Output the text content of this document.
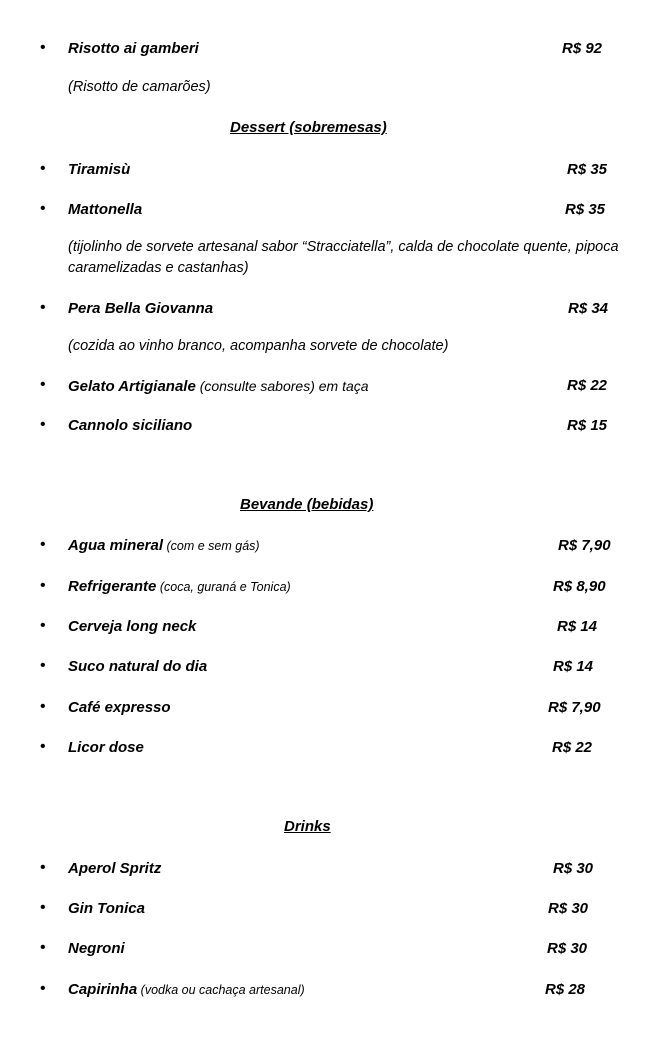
• Risotto ai gamberi	R$ 92
(Risotto de camarões)
Dessert (sobremesas)
• Tiramisù	R$ 35
• Mattonella	R$ 35
(tijolinho de sorvete artesanal sabor “Stracciatella”, calda de chocolate quente, pipoca caramelizadas e castanhas)
• Pera Bella Giovanna	R$ 34
(cozida ao vinho branco, acompanha sorvete de chocolate)
• Gelato Artigianale (consulte sabores) em taça	R$ 22
• Cannolo siciliano	R$ 15
Bevande (bebidas)
• Agua mineral (com e sem gás)	R$ 7,90
• Refrigerante (coca, guraná e Tonica)	R$ 8,90
• Cerveja long neck	R$ 14
• Suco natural do dia	R$ 14
• Café expresso	R$ 7,90
• Licor dose	R$ 22
Drinks
• Aperol Spritz	R$ 30
• Gin Tonica	R$ 30
• Negroni	R$ 30
• Capirinha (vodka ou cachaça artesanal)	R$ 28
